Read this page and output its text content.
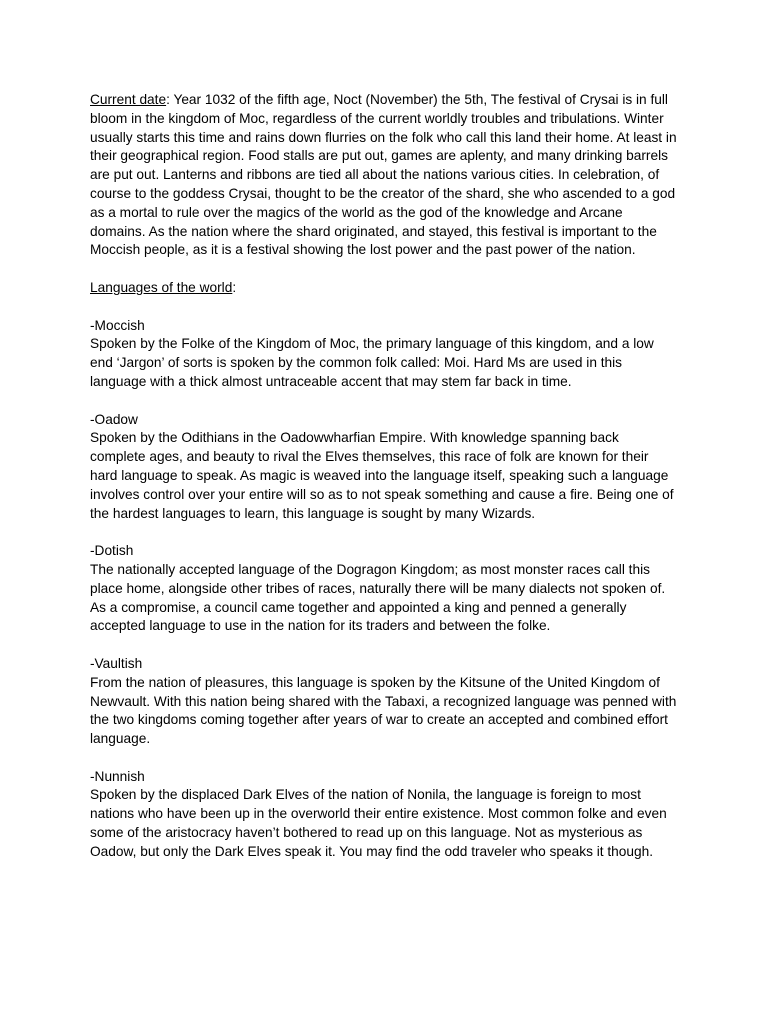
Current date: Year 1032 of the fifth age, Noct (November) the 5th, The festival of Crysai is in full bloom in the kingdom of Moc, regardless of the current worldly troubles and tribulations. Winter usually starts this time and rains down flurries on the folk who call this land their home. At least in their geographical region. Food stalls are put out, games are aplenty, and many drinking barrels are put out. Lanterns and ribbons are tied all about the nations various cities. In celebration, of course to the goddess Crysai, thought to be the creator of the shard, she who ascended to a god as a mortal to rule over the magics of the world as the god of the knowledge and Arcane domains. As the nation where the shard originated, and stayed, this festival is important to the Moccish people, as it is a festival showing the lost power and the past power of the nation.

Languages of the world:

-Moccish
Spoken by the Folke of the Kingdom of Moc, the primary language of this kingdom, and a low end ‘Jargon’ of sorts is spoken by the common folk called: Moi. Hard Ms are used in this language with a thick almost untraceable accent that may stem far back in time.
-Oadow
Spoken by the Odithians in the Oadowwharfian Empire. With knowledge spanning back complete ages, and beauty to rival the Elves themselves, this race of folk are known for their hard language to speak. As magic is weaved into the language itself, speaking such a language involves control over your entire will so as to not speak something and cause a fire. Being one of the hardest languages to learn, this language is sought by many Wizards.
-Dotish
The nationally accepted language of the Dogragon Kingdom; as most monster races call this place home, alongside other tribes of races, naturally there will be many dialects not spoken of. As a compromise, a council came together and appointed a king and penned a generally accepted language to use in the nation for its traders and between the folke.
-Vaultish
From the nation of pleasures, this language is spoken by the Kitsune of the United Kingdom of Newvault. With this nation being shared with the Tabaxi, a recognized language was penned with the two kingdoms coming together after years of war to create an accepted and combined effort language.
-Nunnish
Spoken by the displaced Dark Elves of the nation of Nonila, the language is foreign to most nations who have been up in the overworld their entire existence. Most common folke and even some of the aristocracy haven’t bothered to read up on this language. Not as mysterious as Oadow, but only the Dark Elves speak it. You may find the odd traveler who speaks it though.
